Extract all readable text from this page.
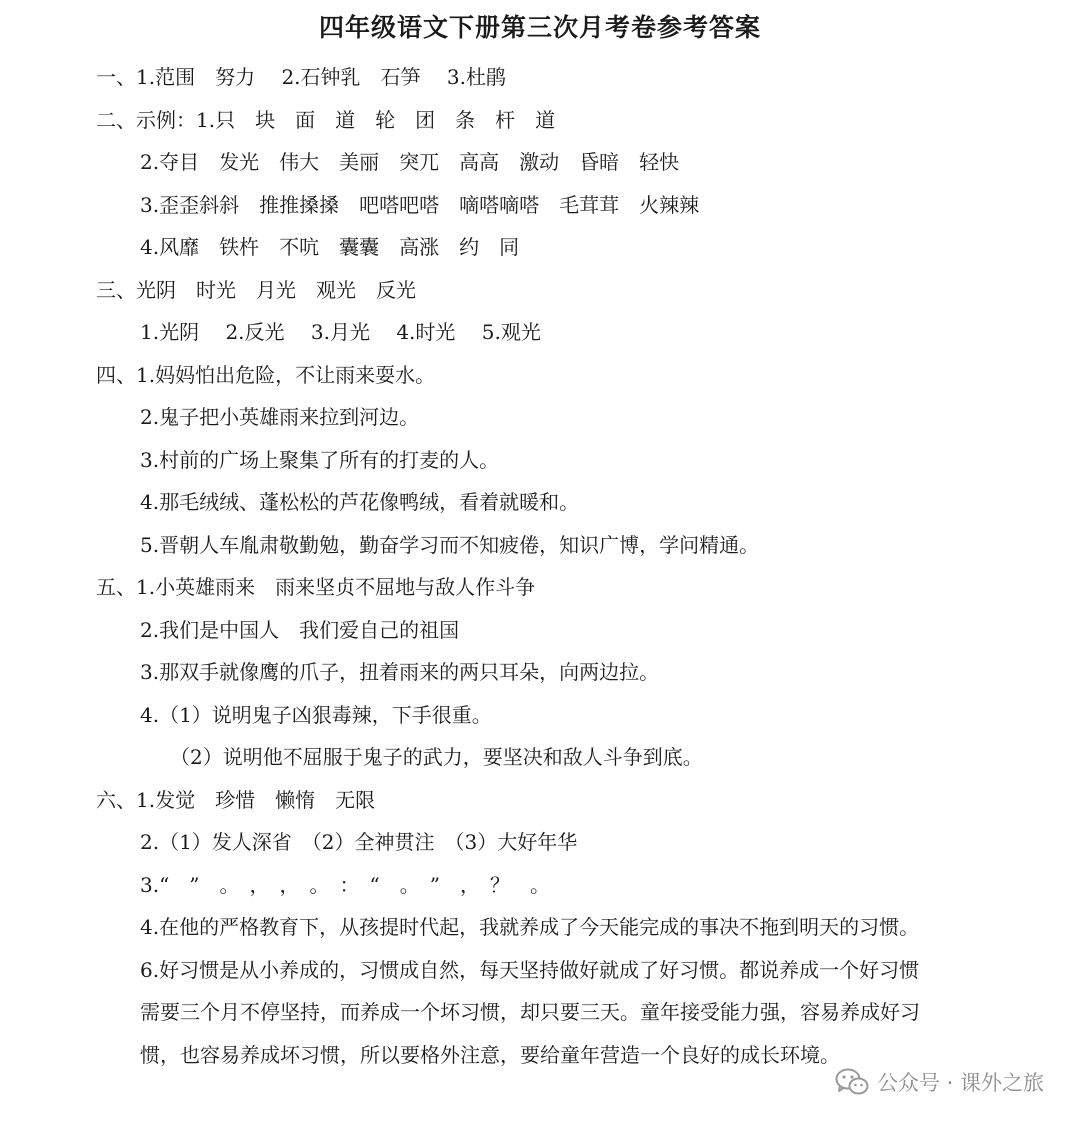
四年级语文下册第三次月考卷参考答案
一、1.范围　努力　 2.石钟乳　石笋　 3.杜鹃
二、示例：1.只　块　面　道　轮　团　条　杆　道
2.夺目　发光　伟大　美丽　突兀　高高　激动　昏暗　轻快
3.歪歪斜斜　推推搡搡　吧嗒吧嗒　嘀嗒嘀嗒　毛茸茸　火辣辣
4.风靡　铁杵　不吭　囊囊　高涨　约　同
三、光阴　时光　月光　观光　反光
1.光阴　 2.反光　 3.月光　 4.时光　 5.观光
四、1.妈妈怕出危险，不让雨来耍水。
2.鬼子把小英雄雨来拉到河边。
3.村前的广场上聚集了所有的打麦的人。
4.那毛绒绒、蓬松松的芦花像鸭绒，看着就暖和。
5.晋朝人车胤肃敬勤勉，勤奋学习而不知疲倦，知识广博，学问精通。
五、1.小英雄雨来　雨来坚贞不屈地与敌人作斗争
2.我们是中国人　我们爱自己的祖国
3.那双手就像鹰的爪子，扭着雨来的两只耳朵，向两边拉。
4.（1）说明鬼子凶狠毒辣，下手很重。
（2）说明他不屈服于鬼子的武力，要坚决和敌人斗争到底。
六、1.发觉　珍惜　懒惰　无限
2.（1）发人深省　（2）全神贯注　（3）大好年华
3.“　”　。　，　，　。　：　“　。　”　，　？　。
4.在他的严格教育下，从孩提时代起，我就养成了今天能完成的事决不拖到明天的习惯。
6.好习惯是从小养成的，习惯成自然，每天坚持做好就成了好习惯。都说养成一个好习惯
需要三个月不停坚持，而养成一个坏习惯，却只要三天。童年接受能力强，容易养成好习
惯，也容易养成坏习惯，所以要格外注意，要给童年营造一个良好的成长环境。
公众号 · 课外之旅
